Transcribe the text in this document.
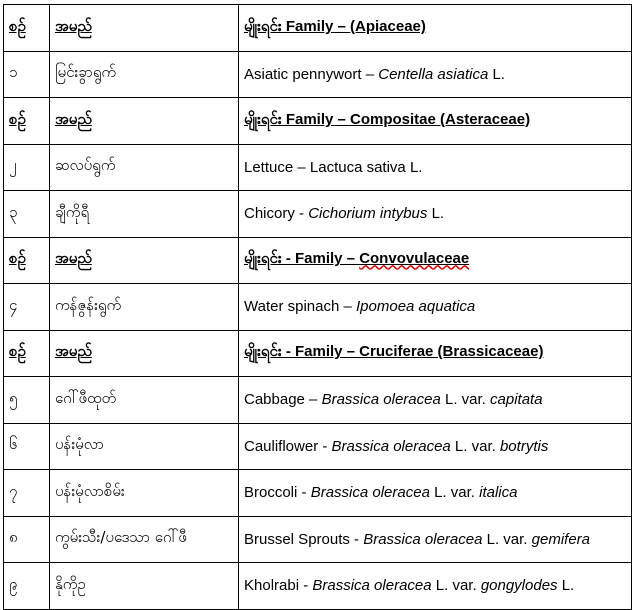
စဉ်	အမည်	မျိုးရင်း Family – (Apiaceae)
၁	မြင်းခွာရွက်	Asiatic pennywort – Centella asiatica L.
စဉ်	အမည်	မျိုးရင်း Family – Compositae (Asteraceae)
၂	ဆလပ်ရွက်	Lettuce – Lactuca sativa L.
၃	ချီကိုရီ	Chicory - Cichorium intybus L.
စဉ်	အမည်	မျိုးရင်း - Family – Convovulaceae
၄	ကန်ဇွန်းရွက်	Water spinach – Ipomoea aquatica
စဉ်	အမည်	မျိုးရင်း - Family – Cruciferae (Brassicaceae)
၅	ဂေါ်ဖီထုတ်	Cabbage – Brassica oleracea L. var. capitata
၆	ပန်းမုံလာ	Cauliflower - Brassica oleracea L. var. botrytis
၇	ပန်းမုံလာစိမ်း	Broccoli - Brassica oleracea L. var. italica
၈	ကွမ်းသီး/ပဒေသာ ဂေါ်ဖီ	Brussel Sprouts - Brassica oleracea L. var. gemifera
၉	နိုကိုဥ	Kholrabi - Brassica oleracea L. var. gongylodes L.
